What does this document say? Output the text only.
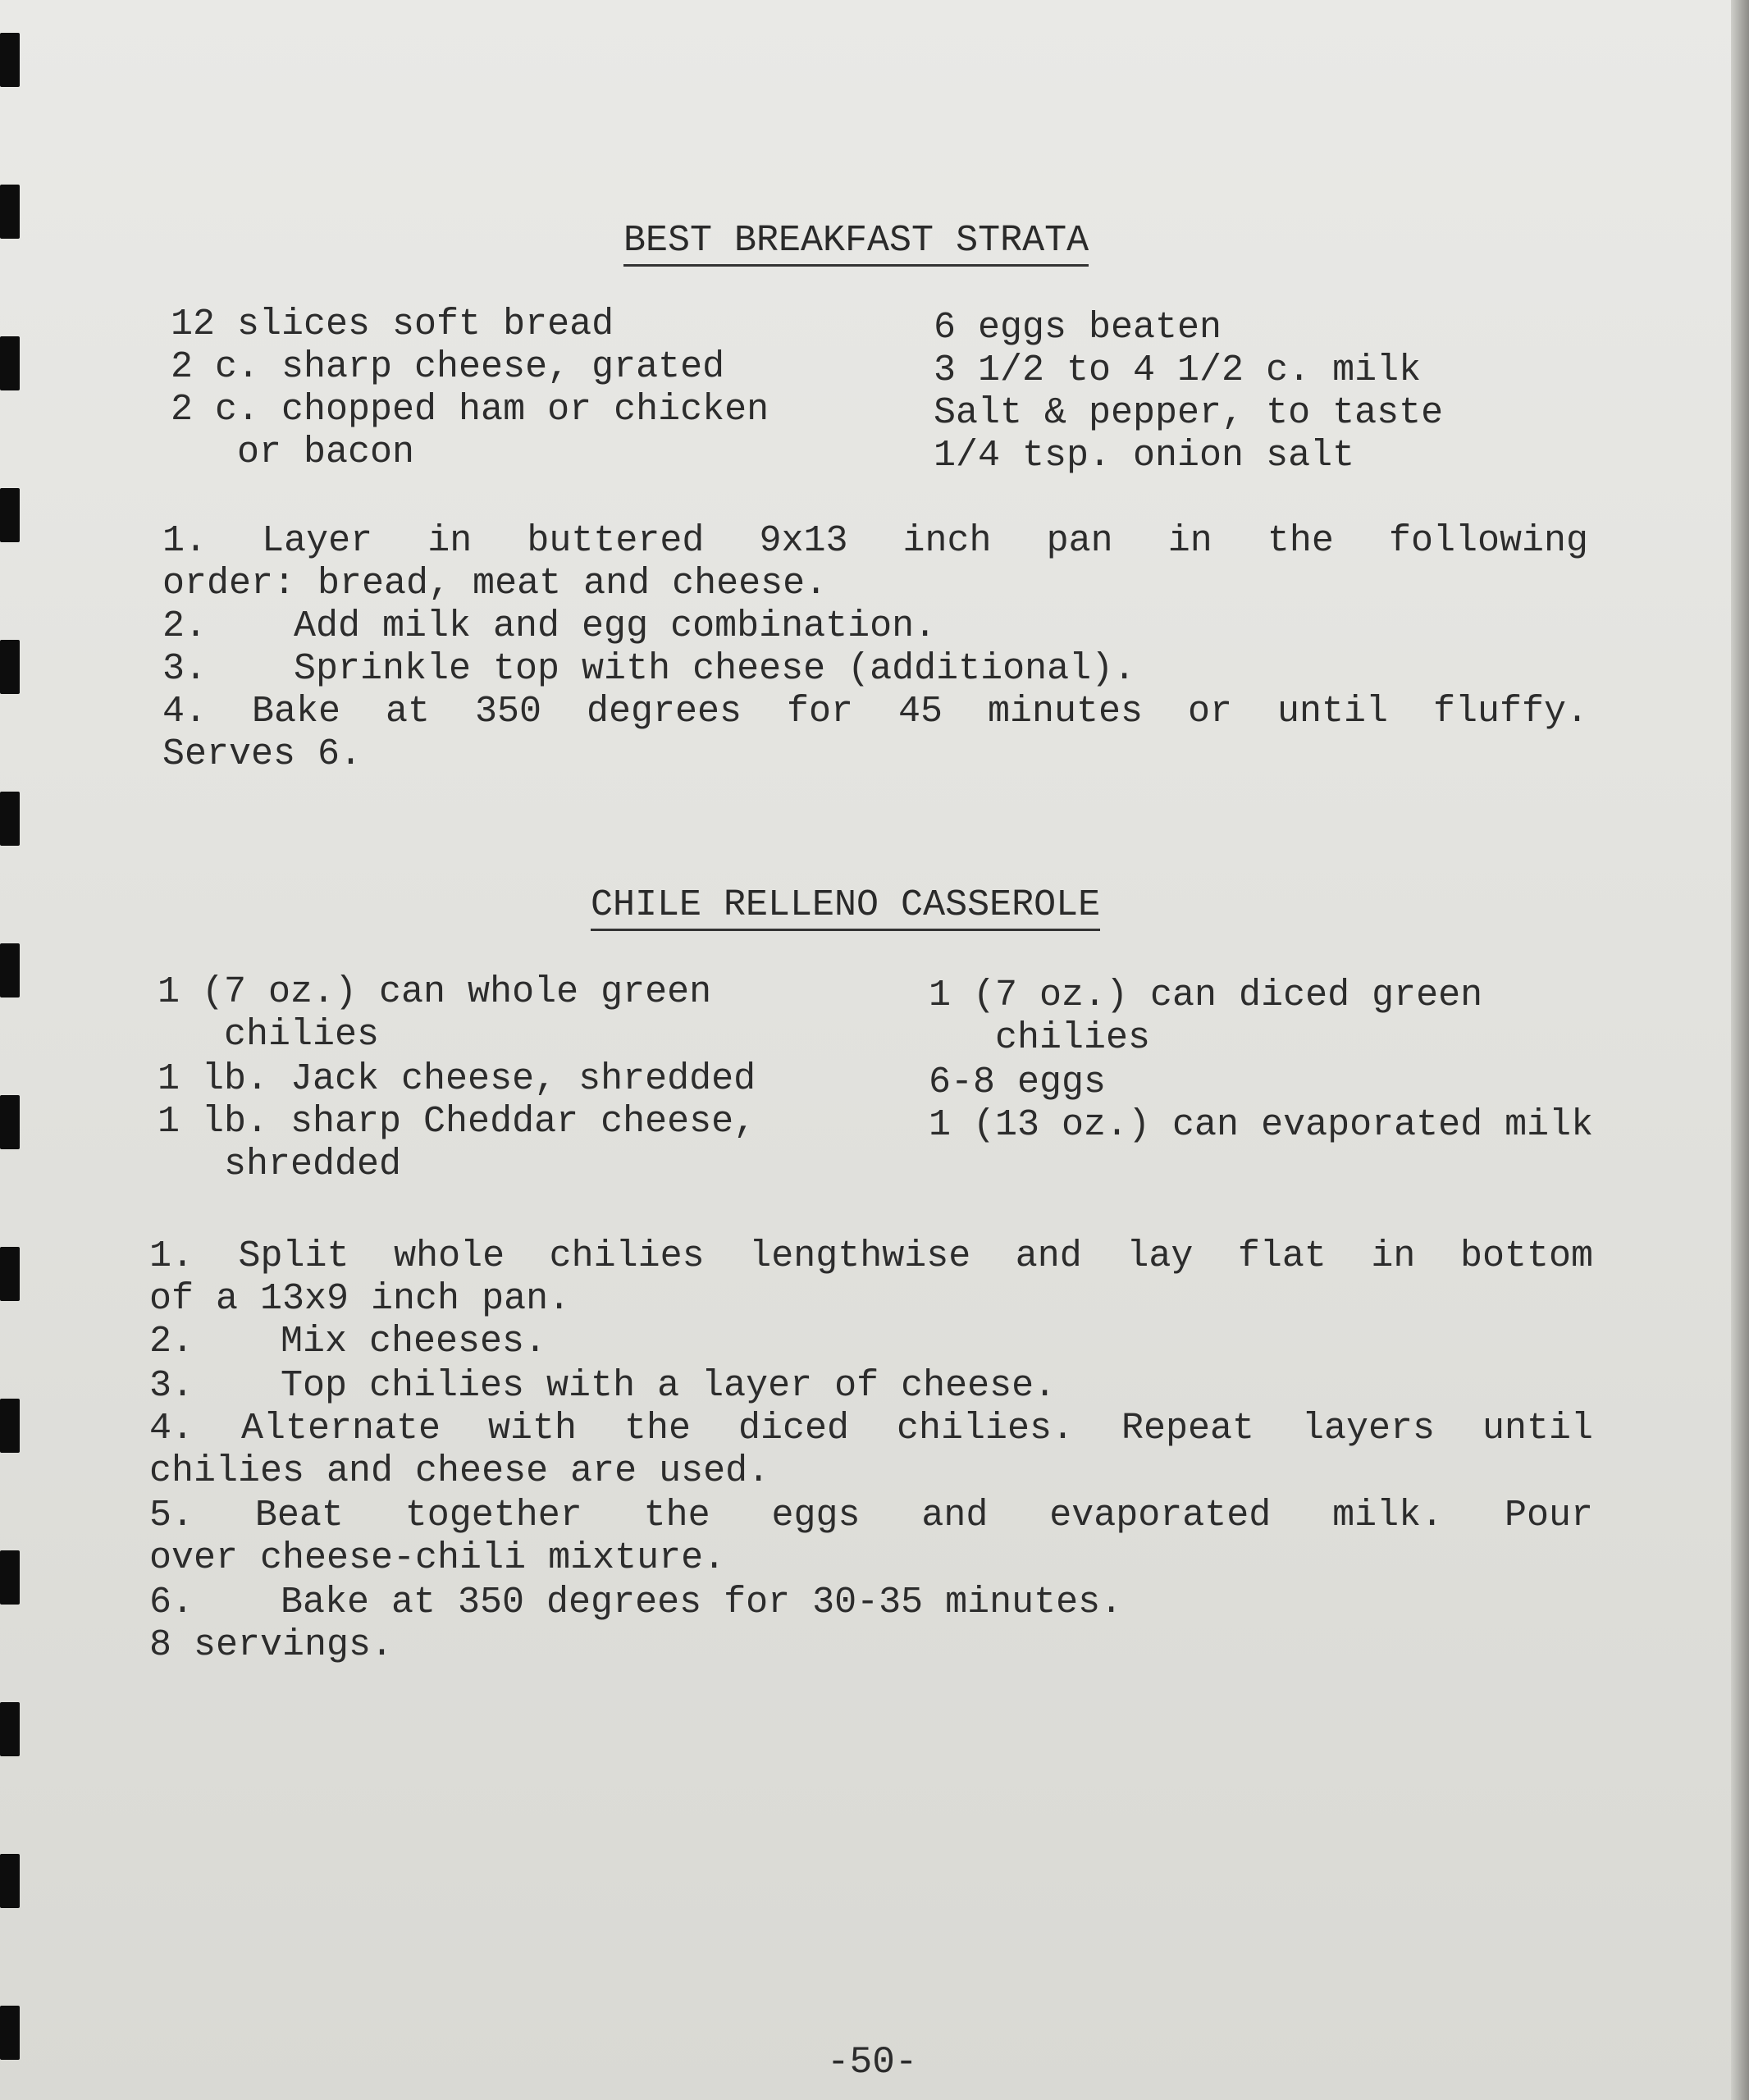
BEST BREAKFAST STRATA
12 slices soft bread
2 c. sharp cheese, grated
2 c. chopped ham or chicken
or bacon
6 eggs beaten
3 1/2 to 4 1/2 c. milk
Salt & pepper, to taste
1/4 tsp. onion salt
1. Layer in buttered 9x13 inch pan in the following
order: bread, meat and cheese.
2. Add milk and egg combination.
3. Sprinkle top with cheese (additional).
4. Bake at 350 degrees for 45 minutes or until fluffy.
Serves 6.
CHILE RELLENO CASSEROLE
1 (7 oz.) can whole green
chilies
1 lb. Jack cheese, shredded
1 lb. sharp Cheddar cheese,
shredded
1 (7 oz.) can diced green
chilies
6-8 eggs
1 (13 oz.) can evaporated milk
1. Split whole chilies lengthwise and lay flat in bottom
of a 13x9 inch pan.
2. Mix cheeses.
3. Top chilies with a layer of cheese.
4. Alternate with the diced chilies. Repeat layers until
chilies and cheese are used.
5. Beat together the eggs and evaporated milk. Pour
over cheese-chili mixture.
6. Bake at 350 degrees for 30-35 minutes.
8 servings.
-50-
